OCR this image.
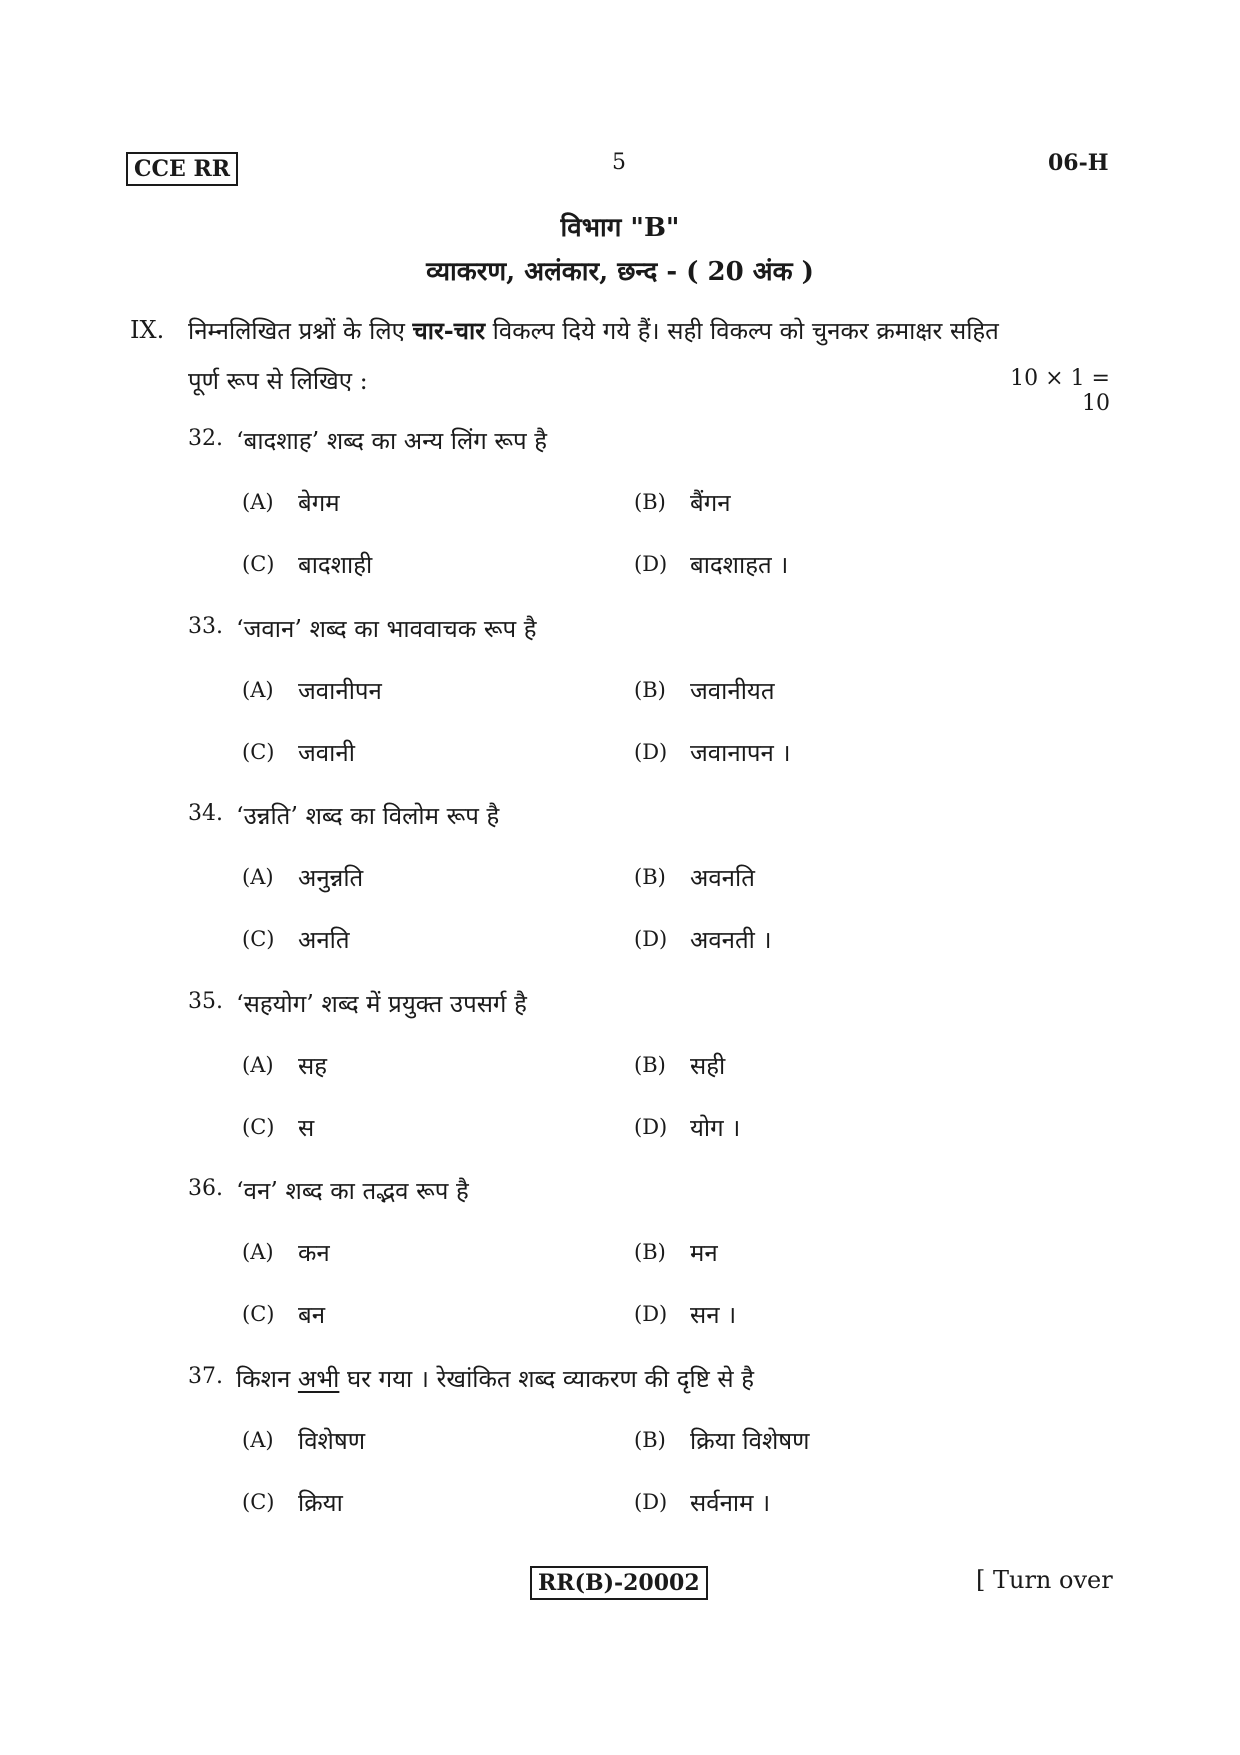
CCE RR	5	06-H
विभाग "B"
व्याकरण, अलंकार, छन्द - ( 20 अंक )
IX. निम्नलिखित प्रश्नों के लिए चार-चार विकल्प दिये गये हैं। सही विकल्प को चुनकर क्रमाक्षर सहित
पूर्ण रूप से लिखिए :	10 × 1 = 10
32. ‘बादशाह’ शब्द का अन्य लिंग रूप है
(A) बेगम	(B) बैंगन
(C) बादशाही	(D) बादशाहत ।
33. ‘जवान’ शब्द का भाववाचक रूप है
(A) जवानीपन	(B) जवानीयत
(C) जवानी	(D) जवानापन ।
34. ‘उन्नति’ शब्द का विलोम रूप है
(A) अनुन्नति	(B) अवनति
(C) अनति	(D) अवनती ।
35. ‘सहयोग’ शब्द में प्रयुक्त उपसर्ग है
(A) सह	(B) सही
(C) स	(D) योग ।
36. ‘वन’ शब्द का तद्भव रूप है
(A) कन	(B) मन
(C) बन	(D) सन ।
37. किशन अभी घर गया । रेखांकित शब्द व्याकरण की दृष्टि से है
(A) विशेषण	(B) क्रिया विशेषण
(C) क्रिया	(D) सर्वनाम ।
RR(B)-20002	[ Turn over
